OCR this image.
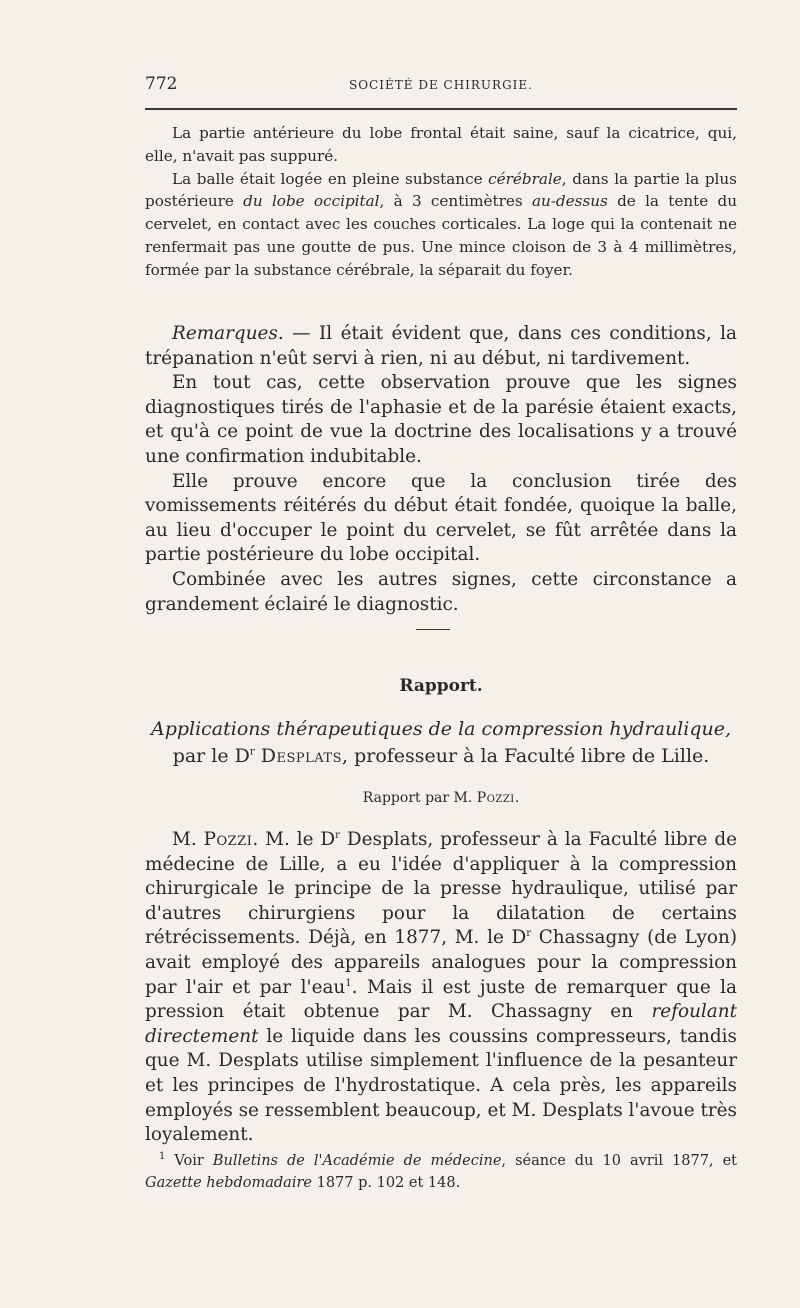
772	SOCIÉTÉ DE CHIRURGIE.

La partie antérieure du lobe frontal était saine, sauf la cicatrice, qui, elle, n'avait pas suppuré.

La balle était logée en pleine substance cérébrale, dans la partie la plus postérieure du lobe occipital, à 3 centimètres au-dessus de la tente du cervelet, en contact avec les couches corticales. La loge qui la contenait ne renfermait pas une goutte de pus. Une mince cloison de 3 à 4 millimètres, formée par la substance cérébrale, la séparait du foyer.

Remarques. — Il était évident que, dans ces conditions, la trépanation n'eût servi à rien, ni au début, ni tardivement.

En tout cas, cette observation prouve que les signes diagnostiques tirés de l'aphasie et de la parésie étaient exacts, et qu'à ce point de vue la doctrine des localisations y a trouvé une confirmation indubitable.

Elle prouve encore que la conclusion tirée des vomissements réitérés du début était fondée, quoique la balle, au lieu d'occuper le point du cervelet, se fût arrêtée dans la partie postérieure du lobe occipital.

Combinée avec les autres signes, cette circonstance a grandement éclairé le diagnostic.

Rapport.
Applications thérapeutiques de la compression hydraulique,
par le $D^r$ Desplats, professeur à la Faculté libre de Lille.
Rapport par M. Pozzi.

M. Pozzi. M. le $D^r$ Desplats, professeur à la Faculté libre de médecine de Lille, a eu l'idée d'appliquer à la compression chirurgicale le principe de la presse hydraulique, utilisé par d'autres chirurgiens pour la dilatation de certains rétrécissements. Déjà, en 1877, M. le $D^r$ Chassagny (de Lyon) avait employé des appareils analogues pour la compression par l'air et par l'eau$^1$. Mais il est juste de remarquer que la pression était obtenue par M. Chassagny en refoulant directement le liquide dans les coussins compresseurs, tandis que M. Desplats utilise simplement l'influence de la pesanteur et les principes de l'hydrostatique. A cela près, les appareils employés se ressemblent beaucoup, et M. Desplats l'avoue très loyalement.

$^1$ Voir Bulletins de l'Académie de médecine, séance du 10 avril 1877, et Gazette hebdomadaire 1877 p. 102 et 148.
